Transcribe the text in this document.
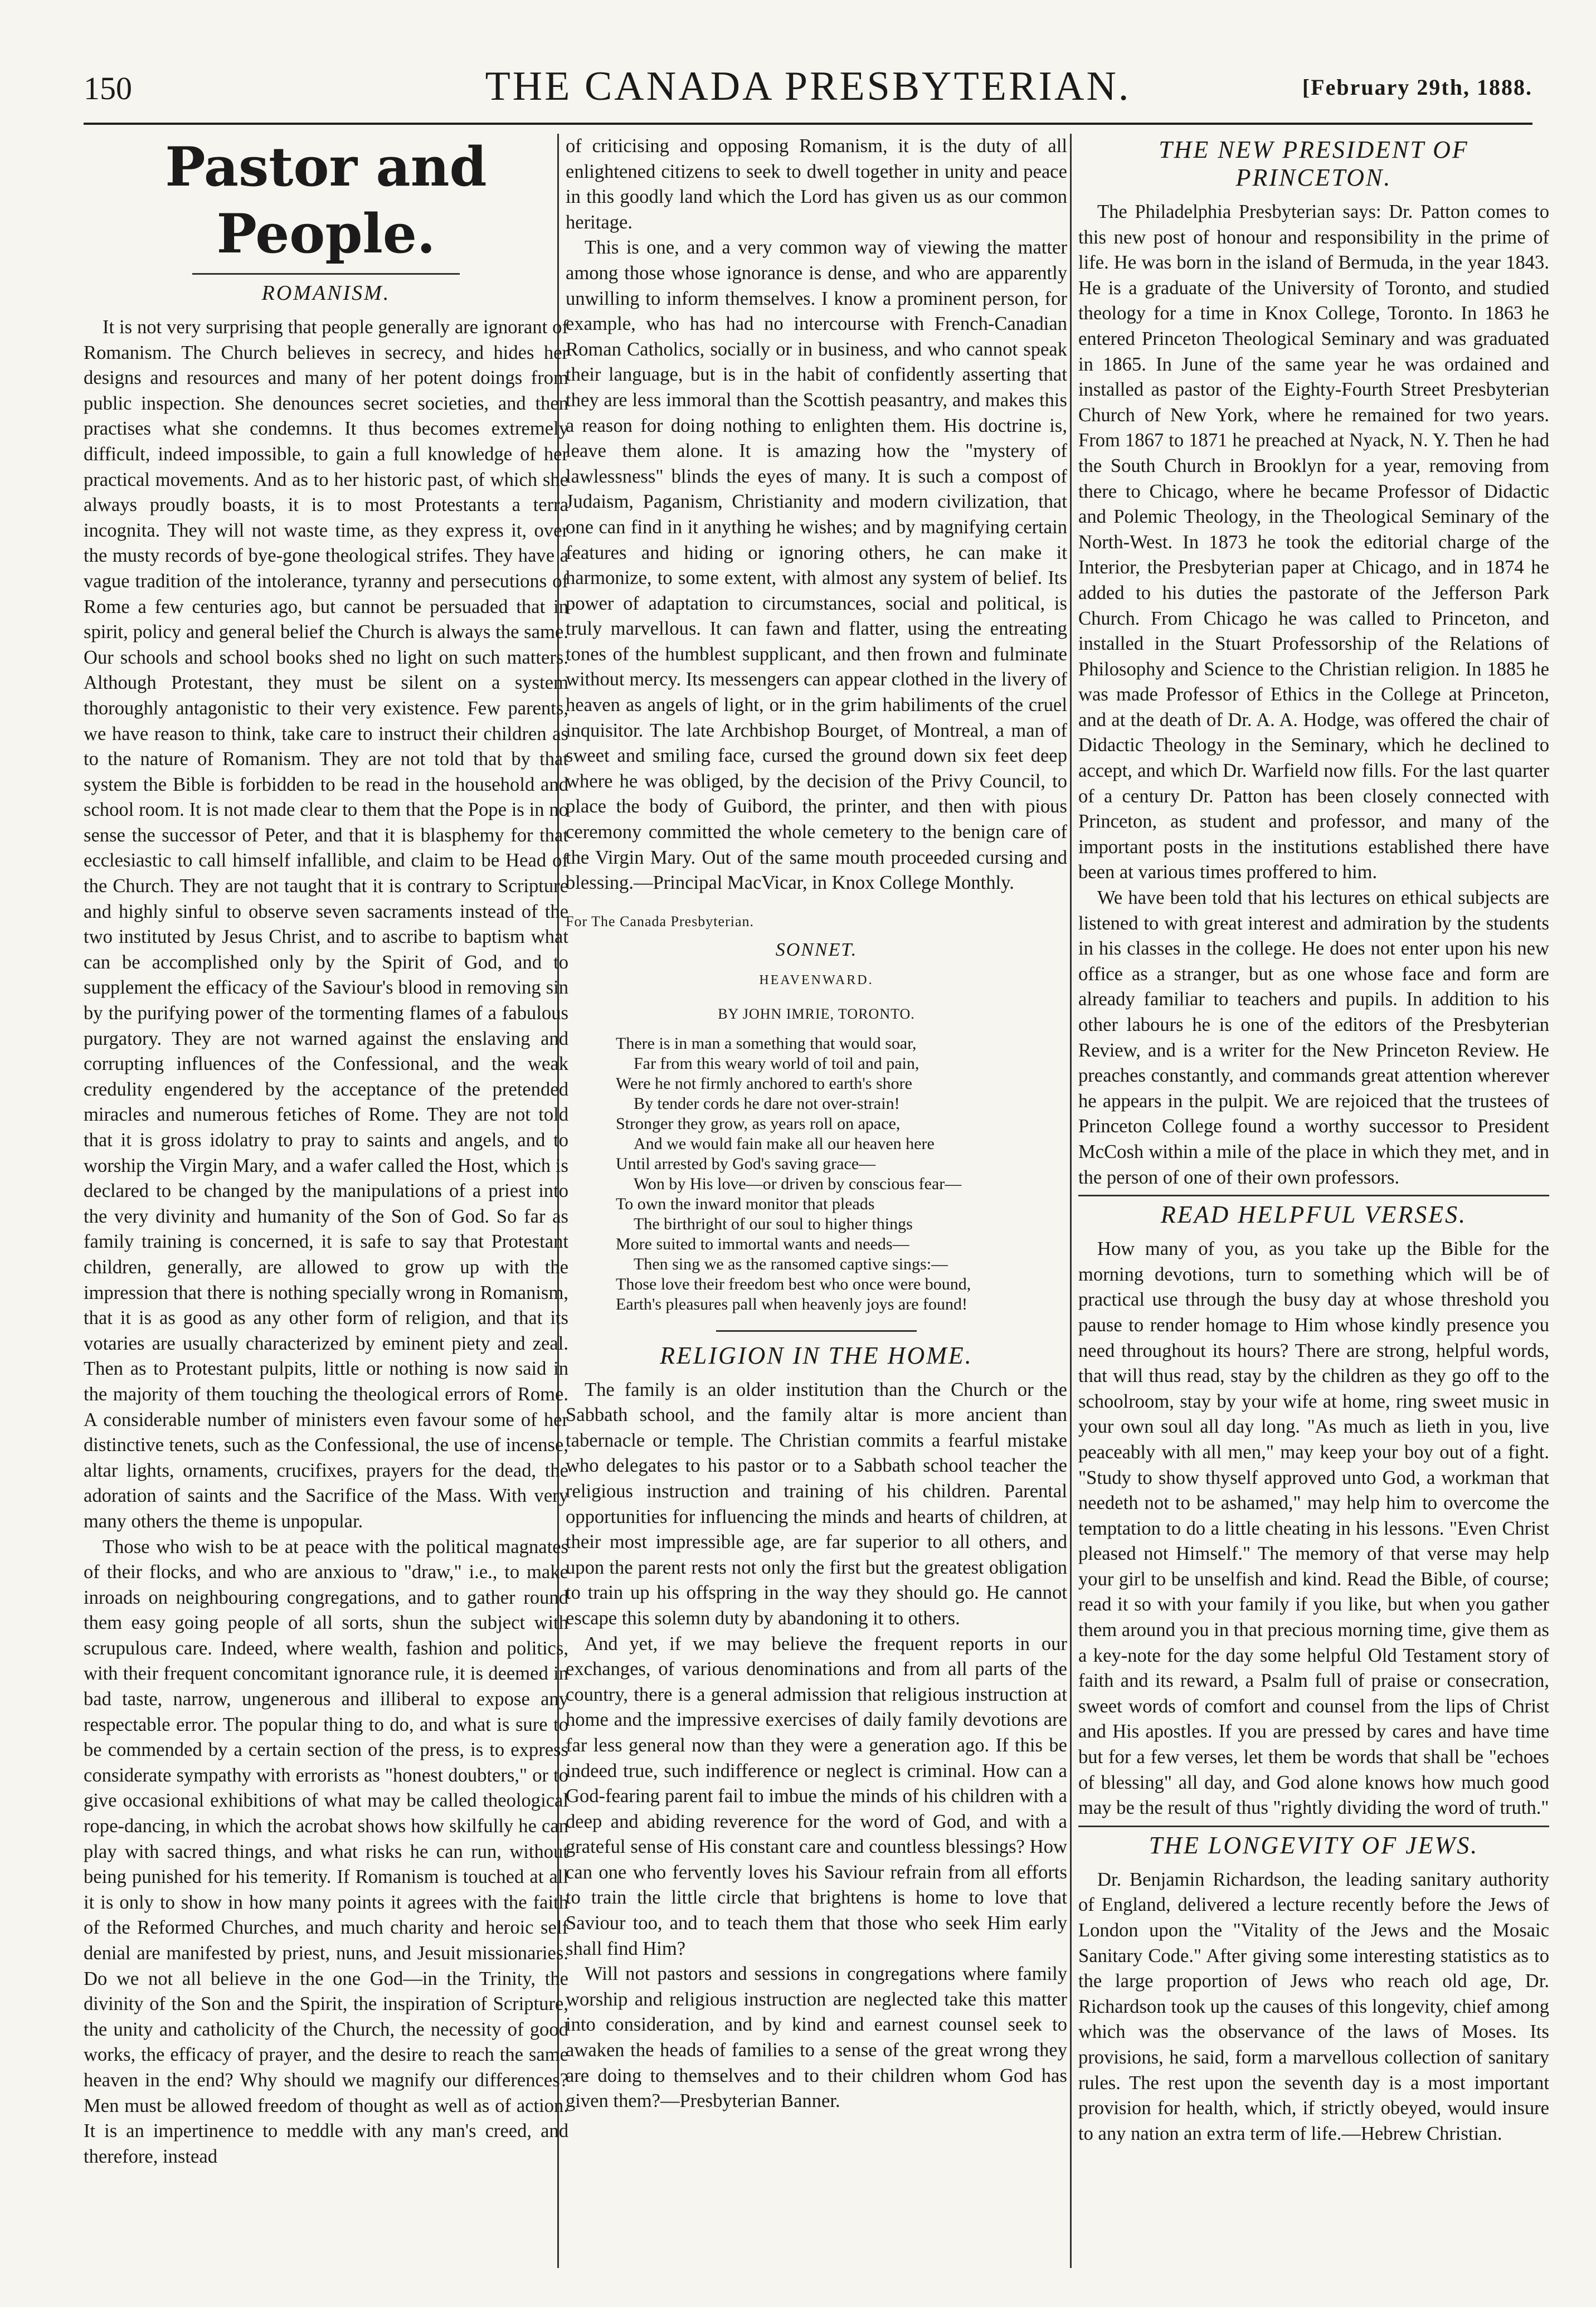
150	THE CANADA PRESBYTERIAN.	[February 29th, 1888.
Pastor and People.
ROMANISM.

It is not very surprising that people generally are ignorant of Romanism. The Church believes in secrecy, and hides her designs and resources and many of her potent doings from public inspection. She denounces secret societies, and then practises what she condemns. It thus becomes extremely difficult, indeed impossible, to gain a full knowledge of her practical movements. And as to her historic past, of which she always proudly boasts, it is to most Protestants a terra incognita. They will not waste time, as they express it, over the musty records of bye-gone theological strifes. They have a vague tradition of the intolerance, tyranny and persecutions of Rome a few centuries ago, but cannot be persuaded that in spirit, policy and general belief the Church is always the same. Our schools and school books shed no light on such matters. Although Protestant, they must be silent on a system thoroughly antagonistic to their very existence. Few parents, we have reason to think, take care to instruct their children as to the nature of Romanism. They are not told that by that system the Bible is forbidden to be read in the household and school room. It is not made clear to them that the Pope is in no sense the successor of Peter, and that it is blasphemy for that ecclesiastic to call himself infallible, and claim to be Head of the Church. They are not taught that it is contrary to Scripture and highly sinful to observe seven sacraments instead of the two instituted by Jesus Christ, and to ascribe to baptism what can be accomplished only by the Spirit of God, and to supplement the efficacy of the Saviour's blood in removing sin by the purifying power of the tormenting flames of a fabulous purgatory. They are not warned against the enslaving and corrupting influences of the Confessional, and the weak credulity engendered by the acceptance of the pretended miracles and numerous fetiches of Rome. They are not told that it is gross idolatry to pray to saints and angels, and to worship the Virgin Mary, and a wafer called the Host, which is declared to be changed by the manipulations of a priest into the very divinity and humanity of the Son of God. So far as family training is concerned, it is safe to say that Protestant children, generally, are allowed to grow up with the impression that there is nothing specially wrong in Romanism, that it is as good as any other form of religion, and that its votaries are usually characterized by eminent piety and zeal. Then as to Protestant pulpits, little or nothing is now said in the majority of them touching the theological errors of Rome. A considerable number of ministers even favour some of her distinctive tenets, such as the Confessional, the use of incense, altar lights, ornaments, crucifixes, prayers for the dead, the adoration of saints and the Sacrifice of the Mass. With very many others the theme is unpopular.

Those who wish to be at peace with the political magnates of their flocks, and who are anxious to "draw," i.e., to make inroads on neighbouring congregations, and to gather round them easy going people of all sorts, shun the subject with scrupulous care. Indeed, where wealth, fashion and politics, with their frequent concomitant ignorance rule, it is deemed in bad taste, narrow, ungenerous and illiberal to expose any respectable error. The popular thing to do, and what is sure to be commended by a certain section of the press, is to express considerate sympathy with errorists as "honest doubters," or to give occasional exhibitions of what may be called theological rope-dancing, in which the acrobat shows how skilfully he can play with sacred things, and what risks he can run, without being punished for his temerity. If Romanism is touched at all it is only to show in how many points it agrees with the faith of the Reformed Churches, and much charity and heroic self denial are manifested by priest, nuns, and Jesuit missionaries. Do we not all believe in the one God—in the Trinity, the divinity of the Son and the Spirit, the inspiration of Scripture, the unity and catholicity of the Church, the necessity of good works, the efficacy of prayer, and the desire to reach the same heaven in the end? Why should we magnify our differences? Men must be allowed freedom of thought as well as of action. It is an impertinence to meddle with any man's creed, and therefore, instead

of criticising and opposing Romanism, it is the duty of all enlightened citizens to seek to dwell together in unity and peace in this goodly land which the Lord has given us as our common heritage.

This is one, and a very common way of viewing the matter among those whose ignorance is dense, and who are apparently unwilling to inform themselves. I know a prominent person, for example, who has had no intercourse with French-Canadian Roman Catholics, socially or in business, and who cannot speak their language, but is in the habit of confidently asserting that they are less immoral than the Scottish peasantry, and makes this a reason for doing nothing to enlighten them. His doctrine is, leave them alone. It is amazing how the "mystery of lawlessness" blinds the eyes of many. It is such a compost of Judaism, Paganism, Christianity and modern civilization, that one can find in it anything he wishes; and by magnifying certain features and hiding or ignoring others, he can make it harmonize, to some extent, with almost any system of belief. Its power of adaptation to circumstances, social and political, is truly marvellous. It can fawn and flatter, using the entreating tones of the humblest supplicant, and then frown and fulminate without mercy. Its messengers can appear clothed in the livery of heaven as angels of light, or in the grim habiliments of the cruel inquisitor. The late Archbishop Bourget, of Montreal, a man of sweet and smiling face, cursed the ground down six feet deep where he was obliged, by the decision of the Privy Council, to place the body of Guibord, the printer, and then with pious ceremony committed the whole cemetery to the benign care of the Virgin Mary. Out of the same mouth proceeded cursing and blessing.—Principal MacVicar, in Knox College Monthly.

For The Canada Presbyterian.
SONNET.
HEAVENWARD.
BY JOHN IMRIE, TORONTO.
There is in man a something that would soar,
Far from this weary world of toil and pain,
Were he not firmly anchored to earth's shore
By tender cords he dare not over-strain!
Stronger they grow, as years roll on apace,
And we would fain make all our heaven here
Until arrested by God's saving grace—
Won by His love—or driven by conscious fear—
To own the inward monitor that pleads
The birthright of our soul to higher things
More suited to immortal wants and needs—
Then sing we as the ransomed captive sings:—
Those love their freedom best who once were bound,
Earth's pleasures pall when heavenly joys are found!
RELIGION IN THE HOME.

The family is an older institution than the Church or the Sabbath school, and the family altar is more ancient than tabernacle or temple. The Christian commits a fearful mistake who delegates to his pastor or to a Sabbath school teacher the religious instruction and training of his children. Parental opportunities for influencing the minds and hearts of children, at their most impressible age, are far superior to all others, and upon the parent rests not only the first but the greatest obligation to train up his offspring in the way they should go. He cannot escape this solemn duty by abandoning it to others.

And yet, if we may believe the frequent reports in our exchanges, of various denominations and from all parts of the country, there is a general admission that religious instruction at home and the impressive exercises of daily family devotions are far less general now than they were a generation ago. If this be indeed true, such indifference or neglect is criminal. How can a God-fearing parent fail to imbue the minds of his children with a deep and abiding reverence for the word of God, and with a grateful sense of His constant care and countless blessings? How can one who fervently loves his Saviour refrain from all efforts to train the little circle that brightens is home to love that Saviour too, and to teach them that those who seek Him early shall find Him?

Will not pastors and sessions in congregations where family worship and religious instruction are neglected take this matter into consideration, and by kind and earnest counsel seek to awaken the heads of families to a sense of the great wrong they are doing to themselves and to their children whom God has given them?—Presbyterian Banner.

THE NEW PRESIDENT OF PRINCETON.

The Philadelphia Presbyterian says: Dr. Patton comes to this new post of honour and responsibility in the prime of life. He was born in the island of Bermuda, in the year 1843. He is a graduate of the University of Toronto, and studied theology for a time in Knox College, Toronto. In 1863 he entered Princeton Theological Seminary and was graduated in 1865. In June of the same year he was ordained and installed as pastor of the Eighty-Fourth Street Presbyterian Church of New York, where he remained for two years. From 1867 to 1871 he preached at Nyack, N. Y. Then he had the South Church in Brooklyn for a year, removing from there to Chicago, where he became Professor of Didactic and Polemic Theology, in the Theological Seminary of the North-West. In 1873 he took the editorial charge of the Interior, the Presbyterian paper at Chicago, and in 1874 he added to his duties the pastorate of the Jefferson Park Church. From Chicago he was called to Princeton, and installed in the Stuart Professorship of the Relations of Philosophy and Science to the Christian religion. In 1885 he was made Professor of Ethics in the College at Princeton, and at the death of Dr. A. A. Hodge, was offered the chair of Didactic Theology in the Seminary, which he declined to accept, and which Dr. Warfield now fills. For the last quarter of a century Dr. Patton has been closely connected with Princeton, as student and professor, and many of the important posts in the institutions established there have been at various times proffered to him.

We have been told that his lectures on ethical subjects are listened to with great interest and admiration by the students in his classes in the college. He does not enter upon his new office as a stranger, but as one whose face and form are already familiar to teachers and pupils. In addition to his other labours he is one of the editors of the Presbyterian Review, and is a writer for the New Princeton Review. He preaches constantly, and commands great attention wherever he appears in the pulpit. We are rejoiced that the trustees of Princeton College found a worthy successor to President McCosh within a mile of the place in which they met, and in the person of one of their own professors.

READ HELPFUL VERSES.

How many of you, as you take up the Bible for the morning devotions, turn to something which will be of practical use through the busy day at whose threshold you pause to render homage to Him whose kindly presence you need throughout its hours? There are strong, helpful words, that will thus read, stay by the children as they go off to the schoolroom, stay by your wife at home, ring sweet music in your own soul all day long. "As much as lieth in you, live peaceably with all men," may keep your boy out of a fight. "Study to show thyself approved unto God, a workman that needeth not to be ashamed," may help him to overcome the temptation to do a little cheating in his lessons. "Even Christ pleased not Himself." The memory of that verse may help your girl to be unselfish and kind. Read the Bible, of course; read it so with your family if you like, but when you gather them around you in that precious morning time, give them as a key-note for the day some helpful Old Testament story of faith and its reward, a Psalm full of praise or consecration, sweet words of comfort and counsel from the lips of Christ and His apostles. If you are pressed by cares and have time but for a few verses, let them be words that shall be "echoes of blessing" all day, and God alone knows how much good may be the result of thus "rightly dividing the word of truth."

THE LONGEVITY OF JEWS.

Dr. Benjamin Richardson, the leading sanitary authority of England, delivered a lecture recently before the Jews of London upon the "Vitality of the Jews and the Mosaic Sanitary Code." After giving some interesting statistics as to the large proportion of Jews who reach old age, Dr. Richardson took up the causes of this longevity, chief among which was the observance of the laws of Moses. Its provisions, he said, form a marvellous collection of sanitary rules. The rest upon the seventh day is a most important provision for health, which, if strictly obeyed, would insure to any nation an extra term of life.—Hebrew Christian.
